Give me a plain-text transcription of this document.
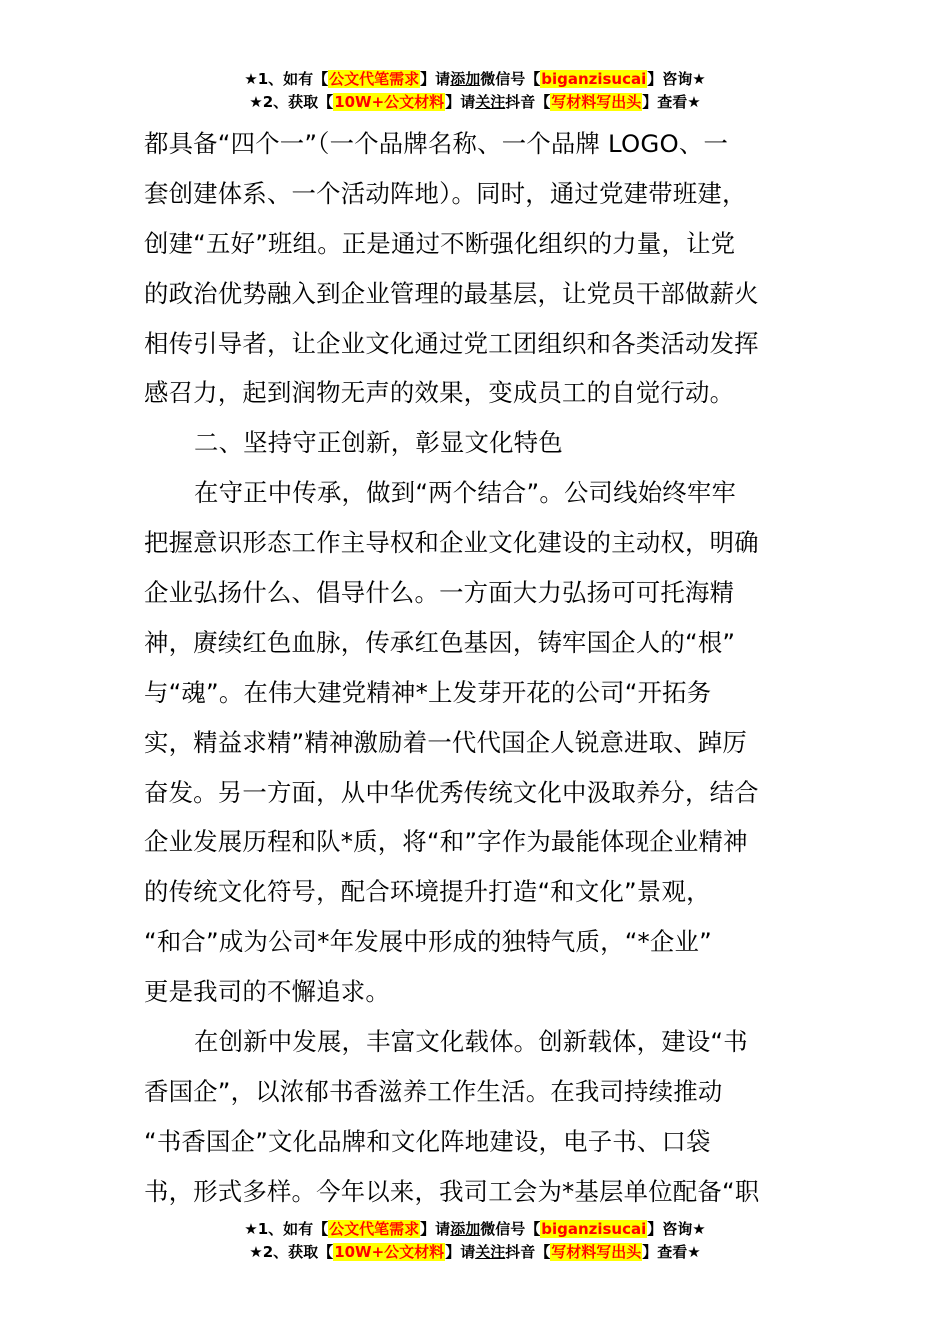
★1、如有【公文代笔需求】请添加微信号【biganzisucai】咨询★
★2、获取【10W+公文材料】请关注抖音【写材料写出头】查看★
都具备“四个一”（一个品牌名称、一个品牌 LOGO、一
套创建体系、一个活动阵地）。同时，通过党建带班建，
创建“五好”班组。正是通过不断强化组织的力量，让党
的政治优势融入到企业管理的最基层，让党员干部做薪火
相传引导者，让企业文化通过党工团组织和各类活动发挥
感召力，起到润物无声的效果，变成员工的自觉行动。
二、坚持守正创新，彰显文化特色
在守正中传承，做到“两个结合”。公司线始终牢牢
把握意识形态工作主导权和企业文化建设的主动权，明确
企业弘扬什么、倡导什么。一方面大力弘扬可可托海精
神，赓续红色血脉，传承红色基因，铸牢国企人的“根”
与“魂”。在伟大建党精神*上发芽开花的公司“开拓务
实，精益求精”精神激励着一代代国企人锐意进取、踔厉
奋发。另一方面，从中华优秀传统文化中汲取养分，结合
企业发展历程和队*质，将“和”字作为最能体现企业精神
的传统文化符号，配合环境提升打造“和文化”景观，
“和合”成为公司*年发展中形成的独特气质，“*企业”
更是我司的不懈追求。
在创新中发展，丰富文化载体。创新载体，建设“书
香国企”，以浓郁书香滋养工作生活。在我司持续推动
“书香国企”文化品牌和文化阵地建设，电子书、口袋
书，形式多样。今年以来，我司工会为*基层单位配备“职
★1、如有【公文代笔需求】请添加微信号【biganzisucai】咨询★
★2、获取【10W+公文材料】请关注抖音【写材料写出头】查看★
